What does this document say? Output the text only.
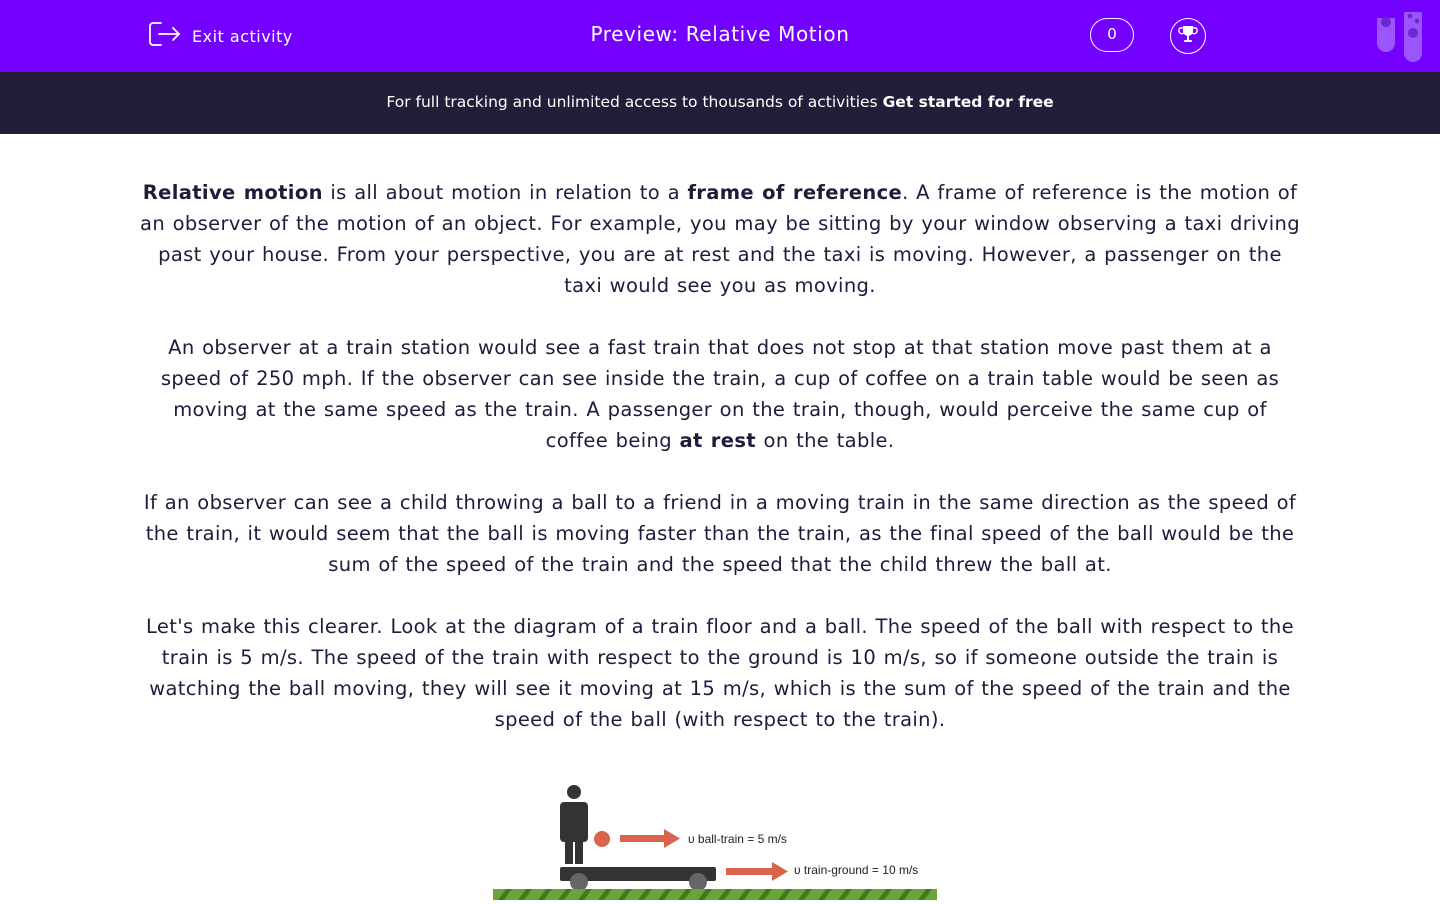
Exit activity	Preview: Relative Motion	0
For full tracking and unlimited access to thousands of activities Get started for free

Relative motion is all about motion in relation to a frame of reference. A frame of reference is the motion of an observer of the motion of an object. For example, you may be sitting by your window observing a taxi driving past your house. From your perspective, you are at rest and the taxi is moving. However, a passenger on the taxi would see you as moving.

An observer at a train station would see a fast train that does not stop at that station move past them at a speed of 250 mph. If the observer can see inside the train, a cup of coffee on a train table would be seen as moving at the same speed as the train. A passenger on the train, though, would perceive the same cup of coffee being at rest on the table.

If an observer can see a child throwing a ball to a friend in a moving train in the same direction as the speed of the train, it would seem that the ball is moving faster than the train, as the final speed of the ball would be the sum of the speed of the train and the speed that the child threw the ball at.

Let's make this clearer. Look at the diagram of a train floor and a ball. The speed of the ball with respect to the train is 5 m/s. The speed of the train with respect to the ground is 10 m/s, so if someone outside the train is watching the ball moving, they will see it moving at 15 m/s, which is the sum of the speed of the train and the speed of the ball (with respect to the train).

υ ball-train = 5 m/s
υ train-ground = 10 m/s
